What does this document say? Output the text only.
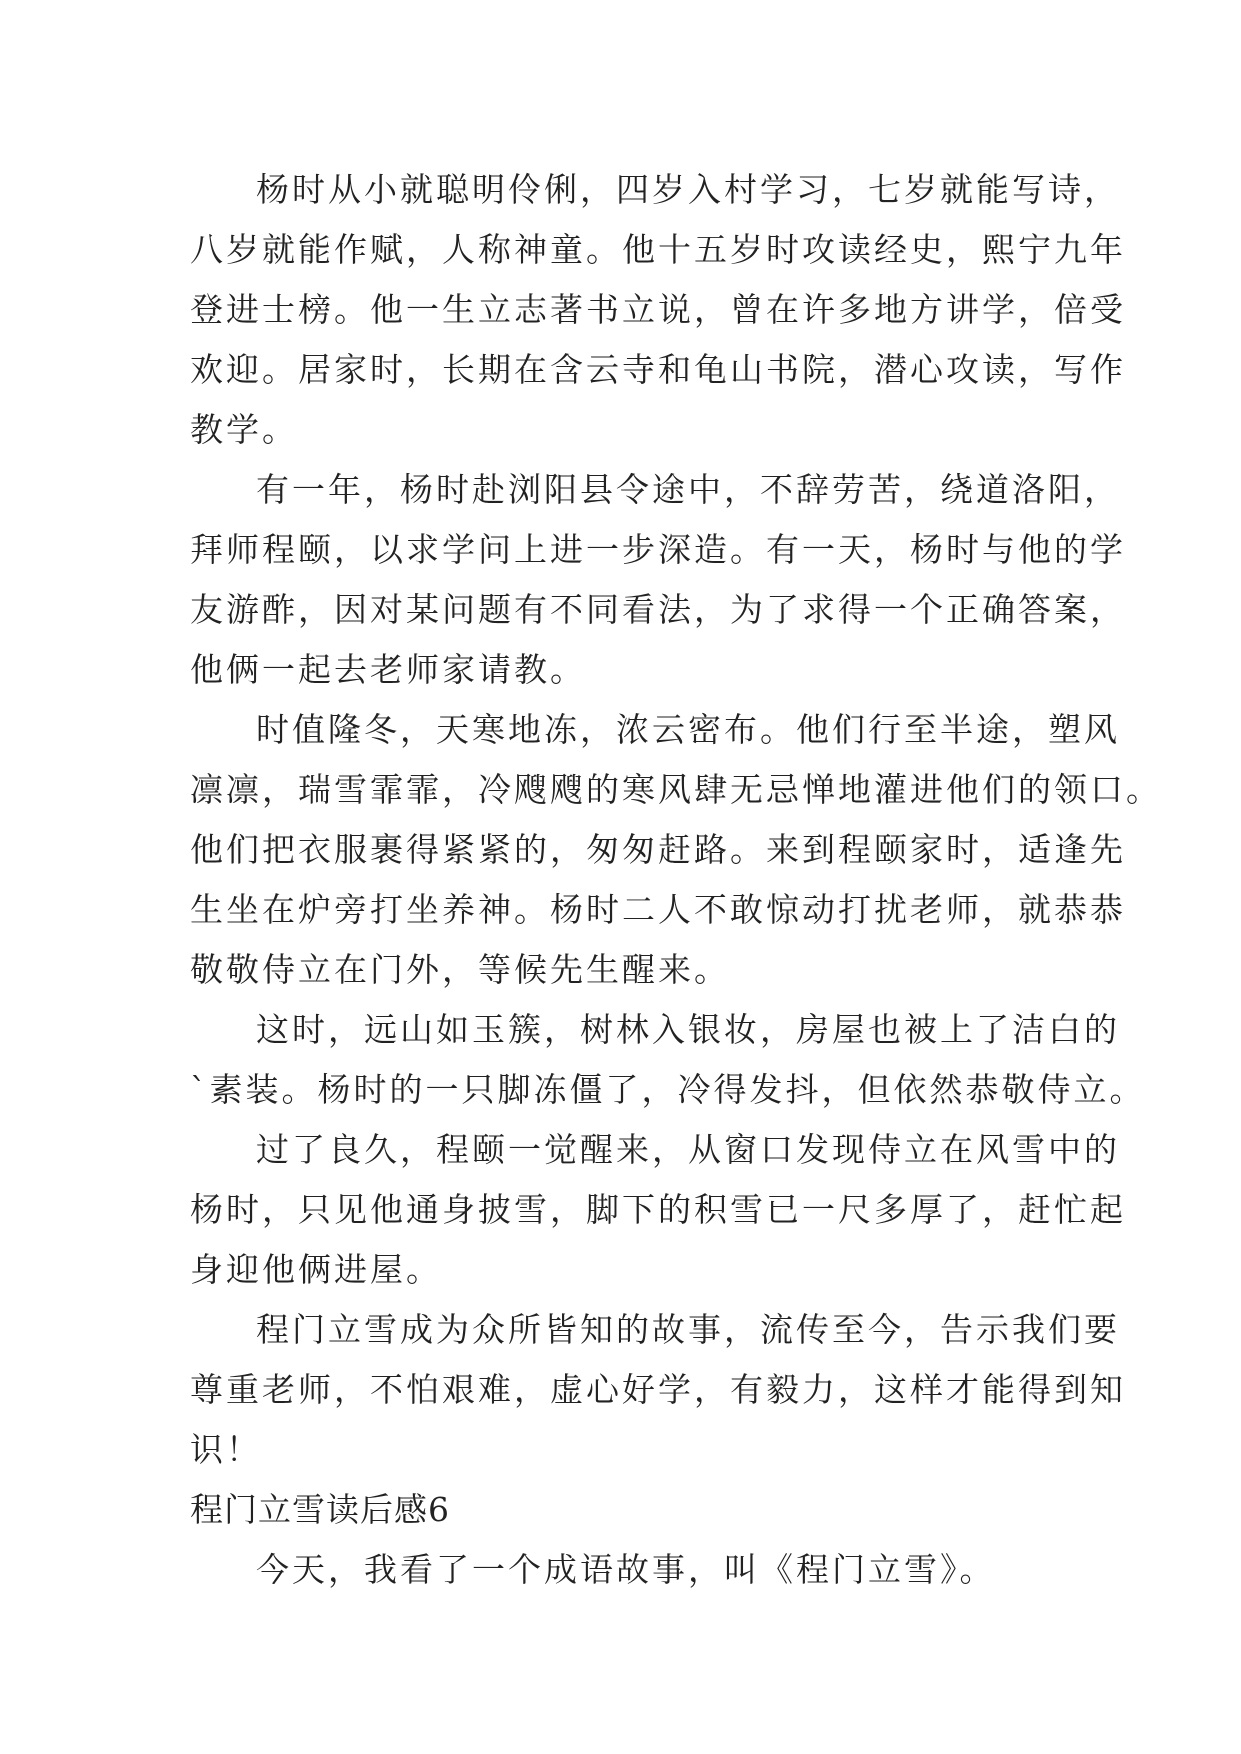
杨时从小就聪明伶俐，四岁入村学习，七岁就能写诗，
八岁就能作赋，人称神童。他十五岁时攻读经史，熙宁九年
登进士榜。他一生立志著书立说，曾在许多地方讲学，倍受
欢迎。居家时，长期在含云寺和龟山书院，潜心攻读，写作
教学。
有一年，杨时赴浏阳县令途中，不辞劳苦，绕道洛阳，
拜师程颐，以求学问上进一步深造。有一天，杨时与他的学
友游酢，因对某问题有不同看法，为了求得一个正确答案，
他俩一起去老师家请教。
时值隆冬，天寒地冻，浓云密布。他们行至半途，塑风
凛凛，瑞雪霏霏，冷飕飕的寒风肆无忌惮地灌进他们的领口。
他们把衣服裹得紧紧的，匆匆赶路。来到程颐家时，适逢先
生坐在炉旁打坐养神。杨时二人不敢惊动打扰老师，就恭恭
敬敬侍立在门外，等候先生醒来。
这时，远山如玉簇，树林入银妆，房屋也被上了洁白的
`素装。杨时的一只脚冻僵了，冷得发抖，但依然恭敬侍立。
过了良久，程颐一觉醒来，从窗口发现侍立在风雪中的
杨时，只见他通身披雪，脚下的积雪已一尺多厚了，赶忙起
身迎他俩进屋。
程门立雪成为众所皆知的故事，流传至今，告示我们要
尊重老师，不怕艰难，虚心好学，有毅力，这样才能得到知
识！
程门立雪读后感6
今天，我看了一个成语故事，叫《程门立雪》。
